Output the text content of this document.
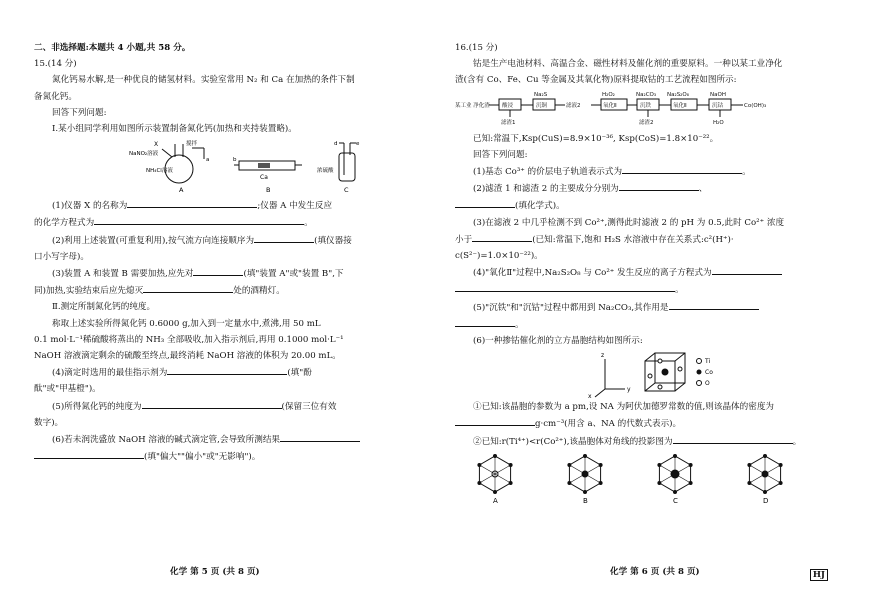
二、非选择题:本题共 4 小题,共 58 分。
15.(14 分)
氮化钙易水解,是一种优良的储氢材料。实验室常用 N₂ 和 Ca 在加热的条件下制
备氮化钙。
回答下列问题:
Ⅰ.某小组同学利用如图所示装置制备氮化钙(加热和夹持装置略)。
NaNO₂溶液
X	搅拌
NH₄Cl溶液
a
A
b
Ca
B
d	e
浓硫酸
C
(1)仪器 X 的名称为	;仪器 A 中发生反应
的化学方程式为	。
(2)利用上述装置(可重复利用),按气流方向连接顺序为	(填仪器接
口小写字母)。
(3)装置 A 和装置 B 需要加热,应先对	(填"装置 A"或"装置 B",下
同)加热,实验结束后应先熄灭	处的酒精灯。
Ⅱ.测定所制氮化钙的纯度。
称取上述实验所得氮化钙 0.6000 g,加入到一定量水中,煮沸,用 50 mL
0.1 mol·L⁻¹稀硫酸将蒸出的 NH₃ 全部吸收,加入指示剂后,再用 0.1000 mol·L⁻¹
NaOH 溶液滴定剩余的硫酸至终点,最终消耗 NaOH 溶液的体积为 20.00 mL。
(4)滴定时选用的最佳指示剂为	(填"酚
酞"或"甲基橙")。
(5)所得氮化钙的纯度为	(保留三位有效
数字)。
(6)若未润洗盛放 NaOH 溶液的碱式滴定管,会导致所测结果
(填"偏大""偏小"或"无影响")。
化学 第 5 页 (共 8 页)
16.(15 分)
钴是生产电池材料、高温合金、磁性材料及催化剂的重要原料。一种以某工业净化
渣(含有 Co、Fe、Cu 等金属及其氧化物)原料提取钴的工艺流程如图所示:
某工业 净化渣 酸浸
Na₂S
沉铜
滤渣1
滤液2
H₂O₂
氧化Ⅱ
Na₂CO₃
沉铁
滤渣2
Na₂S₂O₈
氧化Ⅱ
NaOH
沉钴
H₂O
Co(OH)₃
已知:常温下,Ksp(CuS)=8.9×10⁻³⁶, Ksp(CoS)=1.8×10⁻²²。
回答下列问题:
(1)基态 Co³⁺ 的价层电子轨道表示式为	。
(2)滤渣 1 和滤渣 2 的主要成分分别为	、
(填化学式)。
(3)在滤液 2 中几乎检测不到 Co²⁺,测得此时滤液 2 的 pH 为 0.5,此时 Co²⁺ 浓度
小于	(已知:常温下,饱和 H₂S 水溶液中存在关系式:c²(H⁺)·
c(S²⁻)=1.0×10⁻²²)。
(4)"氧化Ⅱ"过程中,Na₂S₂O₈ 与 Co²⁺ 发生反应的离子方程式为
。
(5)"沉铁"和"沉钴"过程中都用到 Na₂CO₃,其作用是
。
(6)一种掺钴催化剂的立方晶胞结构如图所示:
z
y
x
Ti
Co
O
①已知:该晶胞的参数为 a pm,设 NA 为阿伏加德罗常数的值,则该晶体的密度为
g·cm⁻³(用含 a、NA 的代数式表示)。
②已知:r(Ti⁴⁺)<r(Co²⁺),该晶胞体对角线的投影图为	。
A	B	C	D
化学 第 6 页 (共 8 页)	HJ
